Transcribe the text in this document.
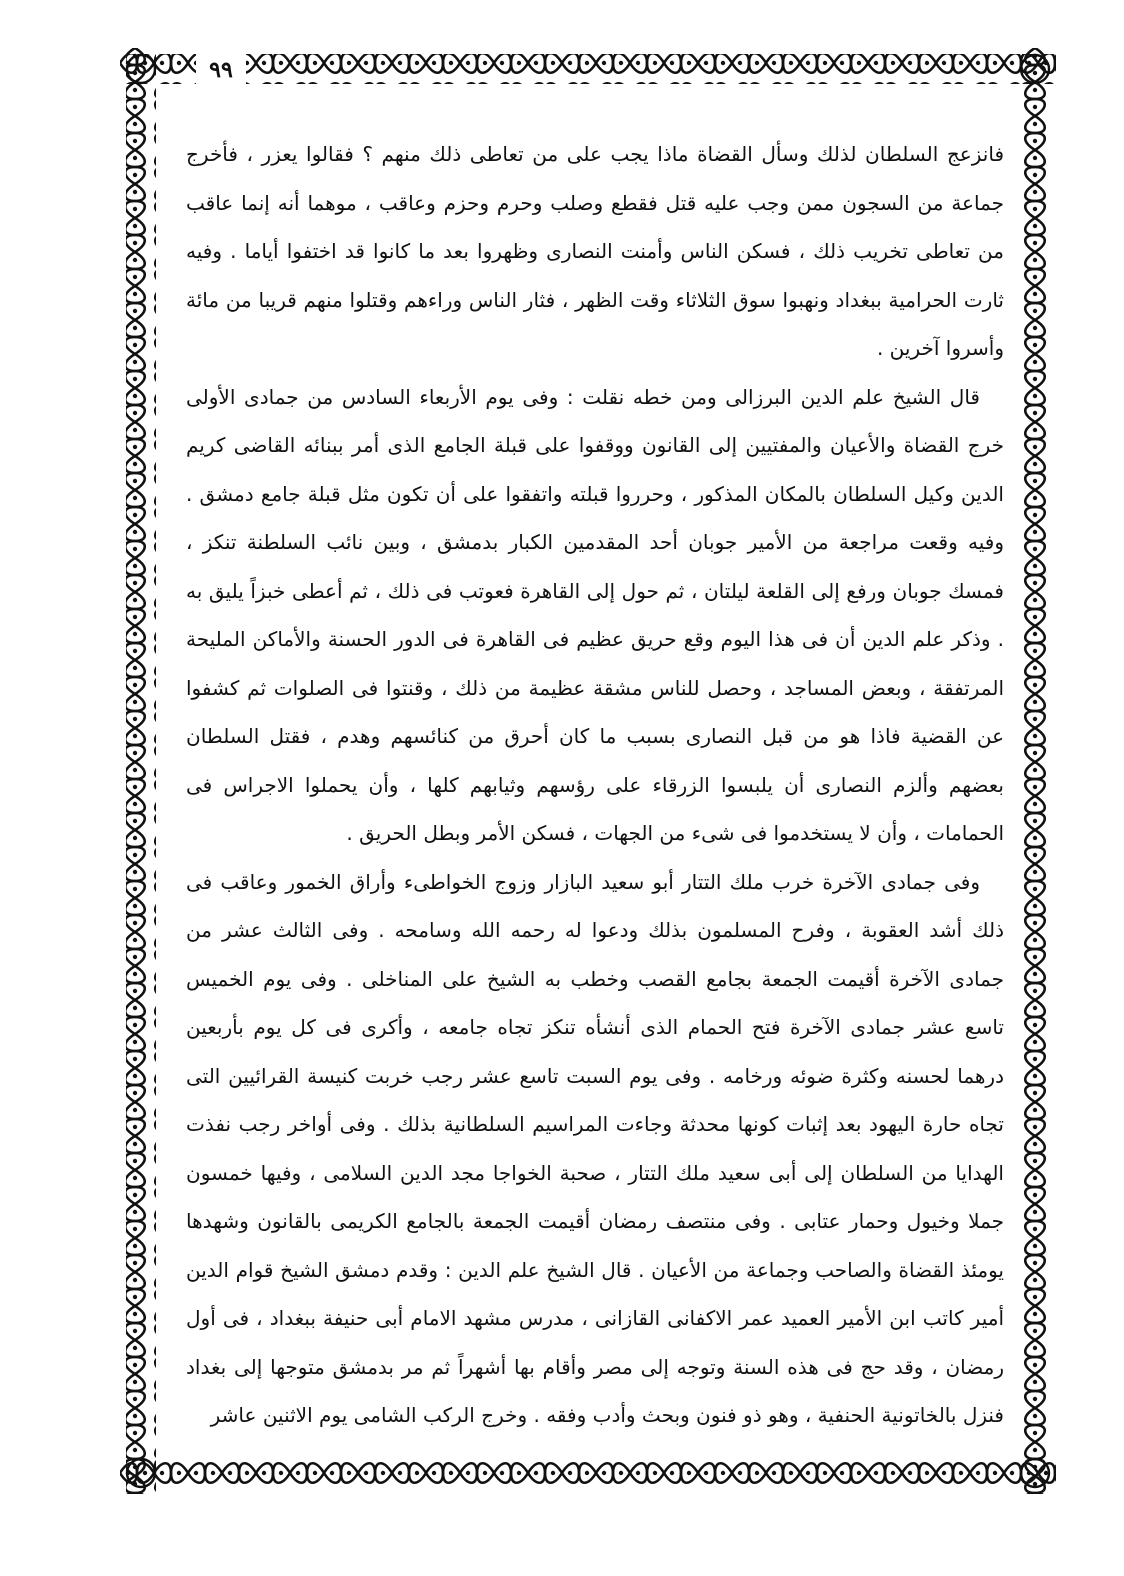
٩٩

فانزعج السلطان لذلك وسأل القضاة ماذا يجب على من تعاطى ذلك منهم ؟ فقالوا يعزر ، فأخرج جماعة من السجون ممن وجب عليه قتل فقطع وصلب وحرم وحزم وعاقب ، موهما أنه إنما عاقب من تعاطى تخريب ذلك ، فسكن الناس وأمنت النصارى وظهروا بعد ما كانوا قد اختفوا أياما . وفيه ثارت الحرامية ببغداد ونهبوا سوق الثلاثاء وقت الظهر ، فثار الناس وراءهم وقتلوا منهم قريبا من مائة وأسروا آخرين .

قال الشيخ علم الدين البرزالى ومن خطه نقلت : وفى يوم الأربعاء السادس من جمادى الأولى خرج القضاة والأعيان والمفتيين إلى القانون ووقفوا على قبلة الجامع الذى أمر ببنائه القاضى كريم الدين وكيل السلطان بالمكان المذكور ، وحرروا قبلته واتفقوا على أن تكون مثل قبلة جامع دمشق . وفيه وقعت مراجعة من الأمير جوبان أحد المقدمين الكبار بدمشق ، وبين نائب السلطنة تنكز ، فمسك جوبان ورفع إلى القلعة ليلتان ، ثم حول إلى القاهرة فعوتب فى ذلك ، ثم أعطى خبزاً يليق به . وذكر علم الدين أن فى هذا اليوم وقع حريق عظيم فى القاهرة فى الدور الحسنة والأماكن المليحة المرتفقة ، وبعض المساجد ، وحصل للناس مشقة عظيمة من ذلك ، وقنتوا فى الصلوات ثم كشفوا عن القضية فاذا هو من قبل النصارى بسبب ما كان أحرق من كنائسهم وهدم ، فقتل السلطان بعضهم وألزم النصارى أن يلبسوا الزرقاء على رؤسهم وثيابهم كلها ، وأن يحملوا الاجراس فى الحمامات ، وأن لا يستخدموا فى شىء من الجهات ، فسكن الأمر وبطل الحريق .

وفى جمادى الآخرة خرب ملك التتار أبو سعيد البازار وزوج الخواطىء وأراق الخمور وعاقب فى ذلك أشد العقوبة ، وفرح المسلمون بذلك ودعوا له رحمه الله وسامحه . وفى الثالث عشر من جمادى الآخرة أقيمت الجمعة بجامع القصب وخطب به الشيخ على المناخلى . وفى يوم الخميس تاسع عشر جمادى الآخرة فتح الحمام الذى أنشأه تنكز تجاه جامعه ، وأكرى فى كل يوم بأربعين درهما لحسنه وكثرة ضوئه ورخامه . وفى يوم السبت تاسع عشر رجب خربت كنيسة القرائيين التى تجاه حارة اليهود بعد إثبات كونها محدثة وجاءت المراسيم السلطانية بذلك . وفى أواخر رجب نفذت الهدايا من السلطان إلى أبى سعيد ملك التتار ، صحبة الخواجا مجد الدين السلامى ، وفيها خمسون جملا وخيول وحمار عتابى . وفى منتصف رمضان أقيمت الجمعة بالجامع الكريمى بالقانون وشهدها يومئذ القضاة والصاحب وجماعة من الأعيان . قال الشيخ علم الدين : وقدم دمشق الشيخ قوام الدين أمير كاتب ابن الأمير العميد عمر الاكفانى القازانى ، مدرس مشهد الامام أبى حنيفة ببغداد ، فى أول رمضان ، وقد حج فى هذه السنة وتوجه إلى مصر وأقام بها أشهراً ثم مر بدمشق متوجها إلى بغداد فنزل بالخاتونية الحنفية ، وهو ذو فنون وبحث وأدب وفقه . وخرج الركب الشامى يوم الاثنين عاشر
